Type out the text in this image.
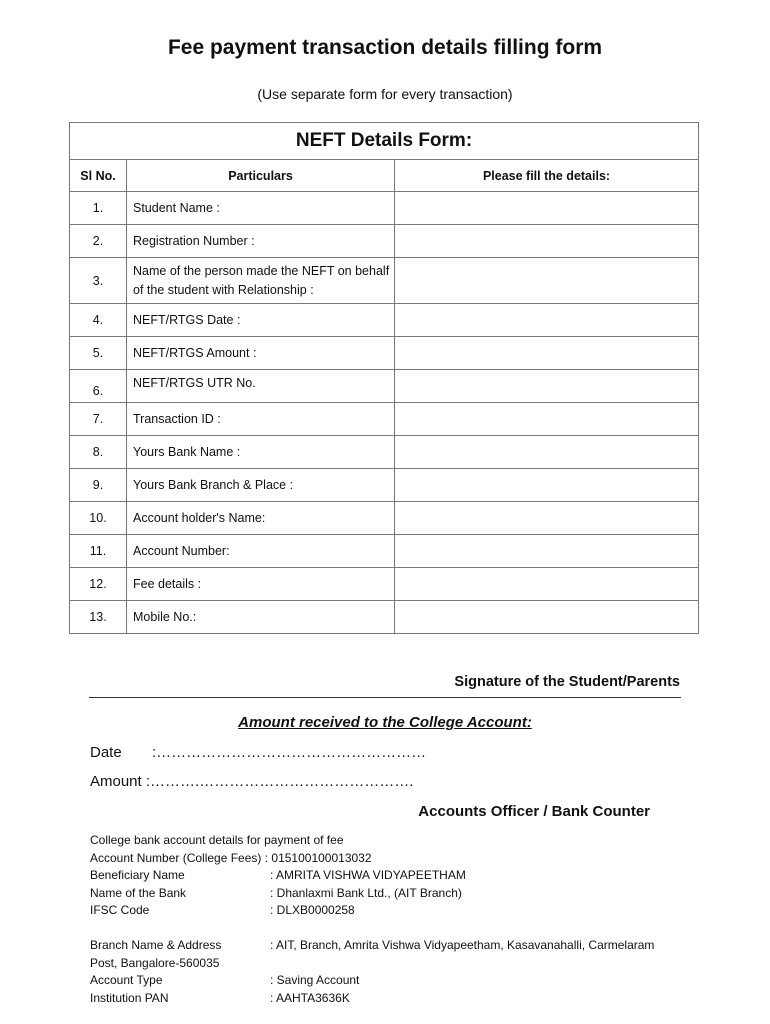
Fee payment transaction details filling form
(Use separate form for every transaction)
NEFT Details Form:		
Sl No.	Particulars	Please fill the details:
1.	Student Name :	
2.	Registration Number :	
3.	Name of the person made the NEFT on behalf of the student with Relationship :	
4.	NEFT/RTGS Date :	
5.	NEFT/RTGS Amount :	
6.	NEFT/RTGS UTR No.	
7.	Transaction ID :	
8.	Yours Bank Name :	
9.	Yours Bank Branch & Place :	
10.	Account holder's Name:	
11.	Account Number:	
12.	Fee details :	
13.	Mobile No.:	
Signature of the Student/Parents
Amount received to the College Account:
Date :………………………………………………
Amount :……….…………………………………….
Accounts Officer / Bank Counter
College bank account details for payment of fee
Account Number (College Fees) : 015100100013032
Beneficiary Name	: AMRITA VISHWA VIDYAPEETHAM
Name of the Bank	: Dhanlaxmi Bank Ltd., (AIT Branch)
IFSC Code	: DLXB0000258
Branch Name & Address	: AIT, Branch, Amrita Vishwa Vidyapeetham, Kasavanahalli, Carmelaram
Post, Bangalore-560035
Account Type	: Saving Account
Institution PAN	: AAHTA3636K
